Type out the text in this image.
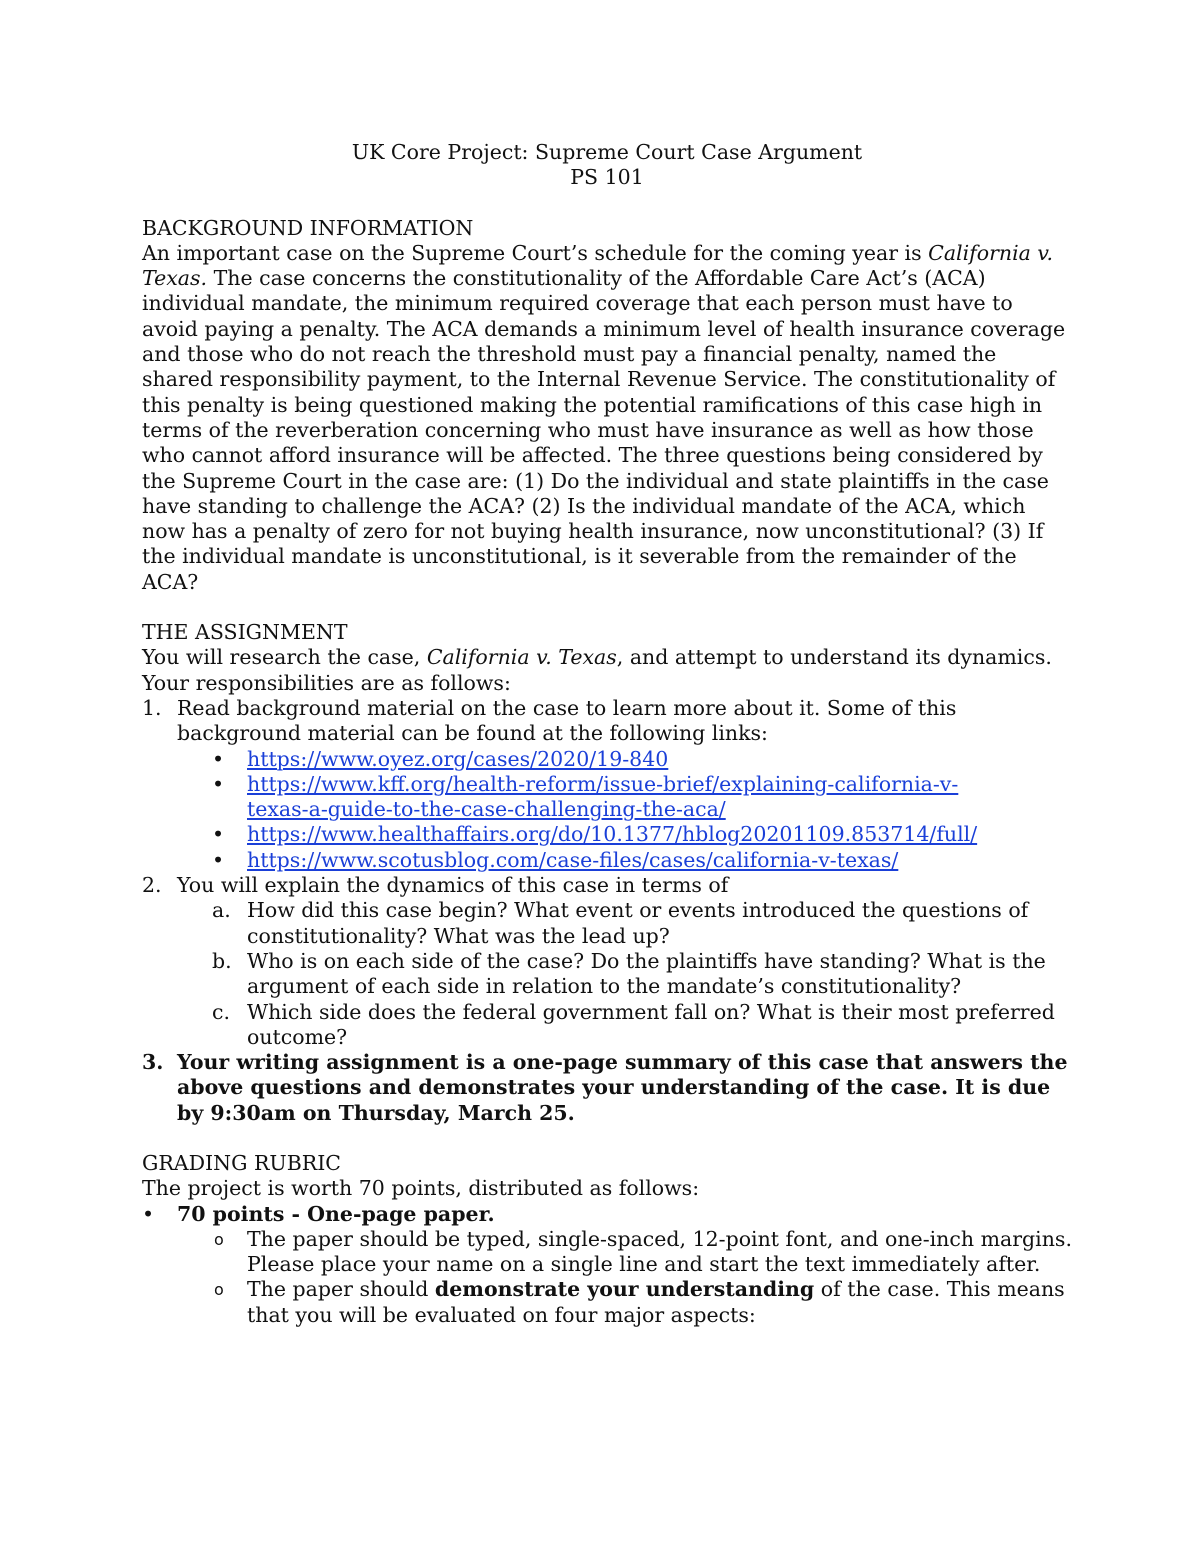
UK Core Project: Supreme Court Case Argument
PS 101
BACKGROUND INFORMATION
An important case on the Supreme Court’s schedule for the coming year is California v. Texas. The case concerns the constitutionality of the Affordable Care Act’s (ACA) individual mandate, the minimum required coverage that each person must have to avoid paying a penalty. The ACA demands a minimum level of health insurance coverage and those who do not reach the threshold must pay a financial penalty, named the shared responsibility payment, to the Internal Revenue Service. The constitutionality of this penalty is being questioned making the potential ramifications of this case high in terms of the reverberation concerning who must have insurance as well as how those who cannot afford insurance will be affected. The three questions being considered by the Supreme Court in the case are: (1) Do the individual and state plaintiffs in the case have standing to challenge the ACA? (2) Is the individual mandate of the ACA, which now has a penalty of zero for not buying health insurance, now unconstitutional? (3) If the individual mandate is unconstitutional, is it severable from the remainder of the ACA?
THE ASSIGNMENT
You will research the case, California v. Texas, and attempt to understand its dynamics. Your responsibilities are as follows:
1. Read background material on the case to learn more about it. Some of this background material can be found at the following links:
• https://www.oyez.org/cases/2020/19-840
• https://www.kff.org/health-reform/issue-brief/explaining-california-v-
texas-a-guide-to-the-case-challenging-the-aca/
• https://www.healthaffairs.org/do/10.1377/hblog20201109.853714/full/
• https://www.scotusblog.com/case-files/cases/california-v-texas/
2. You will explain the dynamics of this case in terms of
a. How did this case begin? What event or events introduced the questions of constitutionality? What was the lead up?
b. Who is on each side of the case? Do the plaintiffs have standing? What is the argument of each side in relation to the mandate’s constitutionality?
c. Which side does the federal government fall on? What is their most preferred outcome?
3. Your writing assignment is a one-page summary of this case that answers the above questions and demonstrates your understanding of the case. It is due by 9:30am on Thursday, March 25.
GRADING RUBRIC
The project is worth 70 points, distributed as follows:
• 70 points - One-page paper.
o The paper should be typed, single-spaced, 12-point font, and one-inch margins. Please place your name on a single line and start the text immediately after.
o The paper should demonstrate your understanding of the case. This means that you will be evaluated on four major aspects:
